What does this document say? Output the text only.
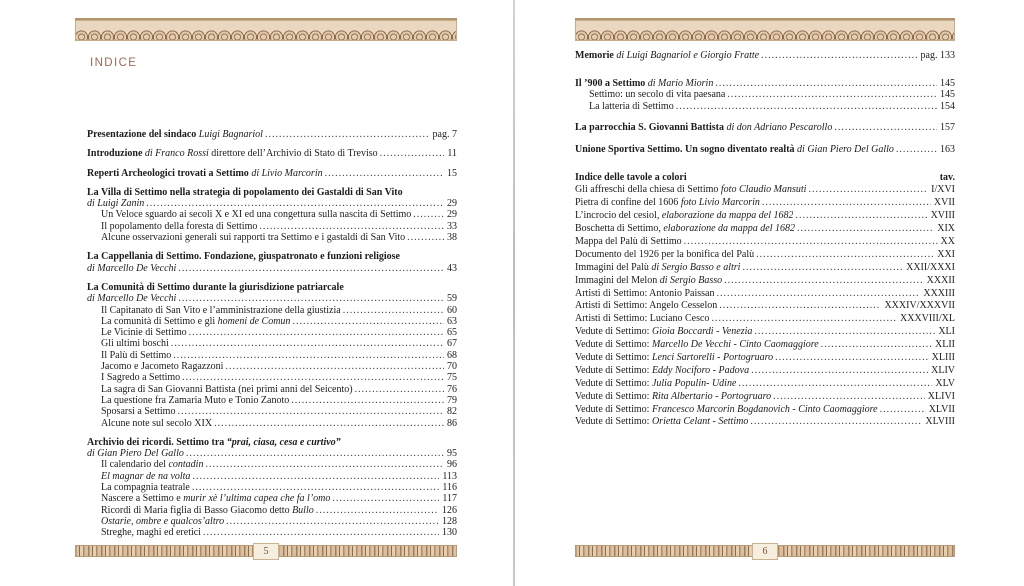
INDICE
Presentazione del sindaco Luigi Bagnariol .....	pag. 7
Introduzione di Franco Rossi direttore dell’Archivio di Stato di Treviso .....	11
Reperti Archeologici trovati a Settimo di Livio Marcorin .....	15
La Villa di Settimo nella strategia di popolamento dei Gastaldi di San Vito
di Luigi Zanin .....	29
Un Veloce sguardo ai secoli X e XI ed una congettura sulla nascita di Settimo .....	29
Il popolamento della foresta di Settimo .....	33
Alcune osservazioni generali sui rapporti tra Settimo e i gastaldi di San Vito .....	38
La Cappellania di Settimo. Fondazione, giuspatronato e funzioni religiose
di Marcello De Vecchi .....	43
La Comunità di Settimo durante la giurisdizione patriarcale
di Marcello De Vecchi .....	59
Il Capitanato di San Vito e l’amministrazione della giustizia .....	60
La comunità di Settimo e gli homeni de Comun .....	63
Le Vicinie di Settimo .....	65
Gli ultimi boschi .....	67
Il Palù di Settimo .....	68
Jacomo e Jacometo Ragazzoni .....	70
I Sagredo a Settimo .....	75
La sagra di San Giovanni Battista (nei primi anni del Seicento) .....	76
La questione fra Zamaria Muto e Tonio Zanoto .....	79
Sposarsi a Settimo .....	82
Alcune note sul secolo XIX .....	86
Archivio dei ricordi. Settimo tra “prai, ciasa, cesa e curtivo”
di Gian Piero Del Gallo .....	95
Il calendario del contadin .....	96
El magnar de na volta .....	113
La compagnia teatrale .....	116
Nascere a Settimo e murir xè l’ultima capea che fa l’omo .....	117
Ricordi di Maria figlia di Basso Giacomo detto Bullo .....	126
Ostarie, ombre e qualcos’altro .....	128
Streghe, maghi ed eretici .....	130
5
Memorie di Luigi Bagnariol e Giorgio Fratte .....	pag. 133
Il ’900 a Settimo di Mario Miorin .....	145
Settimo: un secolo di vita paesana .....	145
La latteria di Settimo .....	154
La parrocchia S. Giovanni Battista di don Adriano Pescarollo .....	157
Unione Sportiva Settimo. Un sogno diventato realtà di Gian Piero Del Gallo .....	163
Indice delle tavole a colori	tav.
Gli affreschi della chiesa di Settimo foto Claudio Mansuti .....	I/XVI
Pietra di confine del 1606 foto Livio Marcorin .....	XVII
L’incrocio del cesiol, elaborazione da mappa del 1682 .....	XVIII
Boschetta di Settimo, elaborazione da mappa del 1682 .....	XIX
Mappa del Palù di Settimo .....	XX
Documento del 1926 per la bonifica del Palù .....	XXI
Immagini del Palù di Sergio Basso e altri .....	XXII/XXXI
Immagini del Melon di Sergio Basso .....	XXXII
Artisti di Settimo: Antonio Paissan .....	XXXIII
Artisti di Settimo: Angelo Cesselon .....	XXXIV/XXXVII
Artisti di Settimo: Luciano Cesco .....	XXXVIII/XL
Vedute di Settimo: Gioia Boccardi - Venezia .....	XLI
Vedute di Settimo: Marcello De Vecchi - Cinto Caomaggiore .....	XLII
Vedute di Settimo: Lenci Sartorelli - Portogruaro .....	XLIII
Vedute di Settimo: Eddy Nociforo - Padova .....	XLIV
Vedute di Settimo: Julia Populin- Udine .....	XLV
Vedute di Settimo: Rita Albertario - Portogruaro .....	XLIVI
Vedute di Settimo: Francesco Marcorin Bogdanovich - Cinto Caomaggiore .....	XLVII
Vedute di Settimo: Orietta Celant - Settimo .....	XLVIII
6
